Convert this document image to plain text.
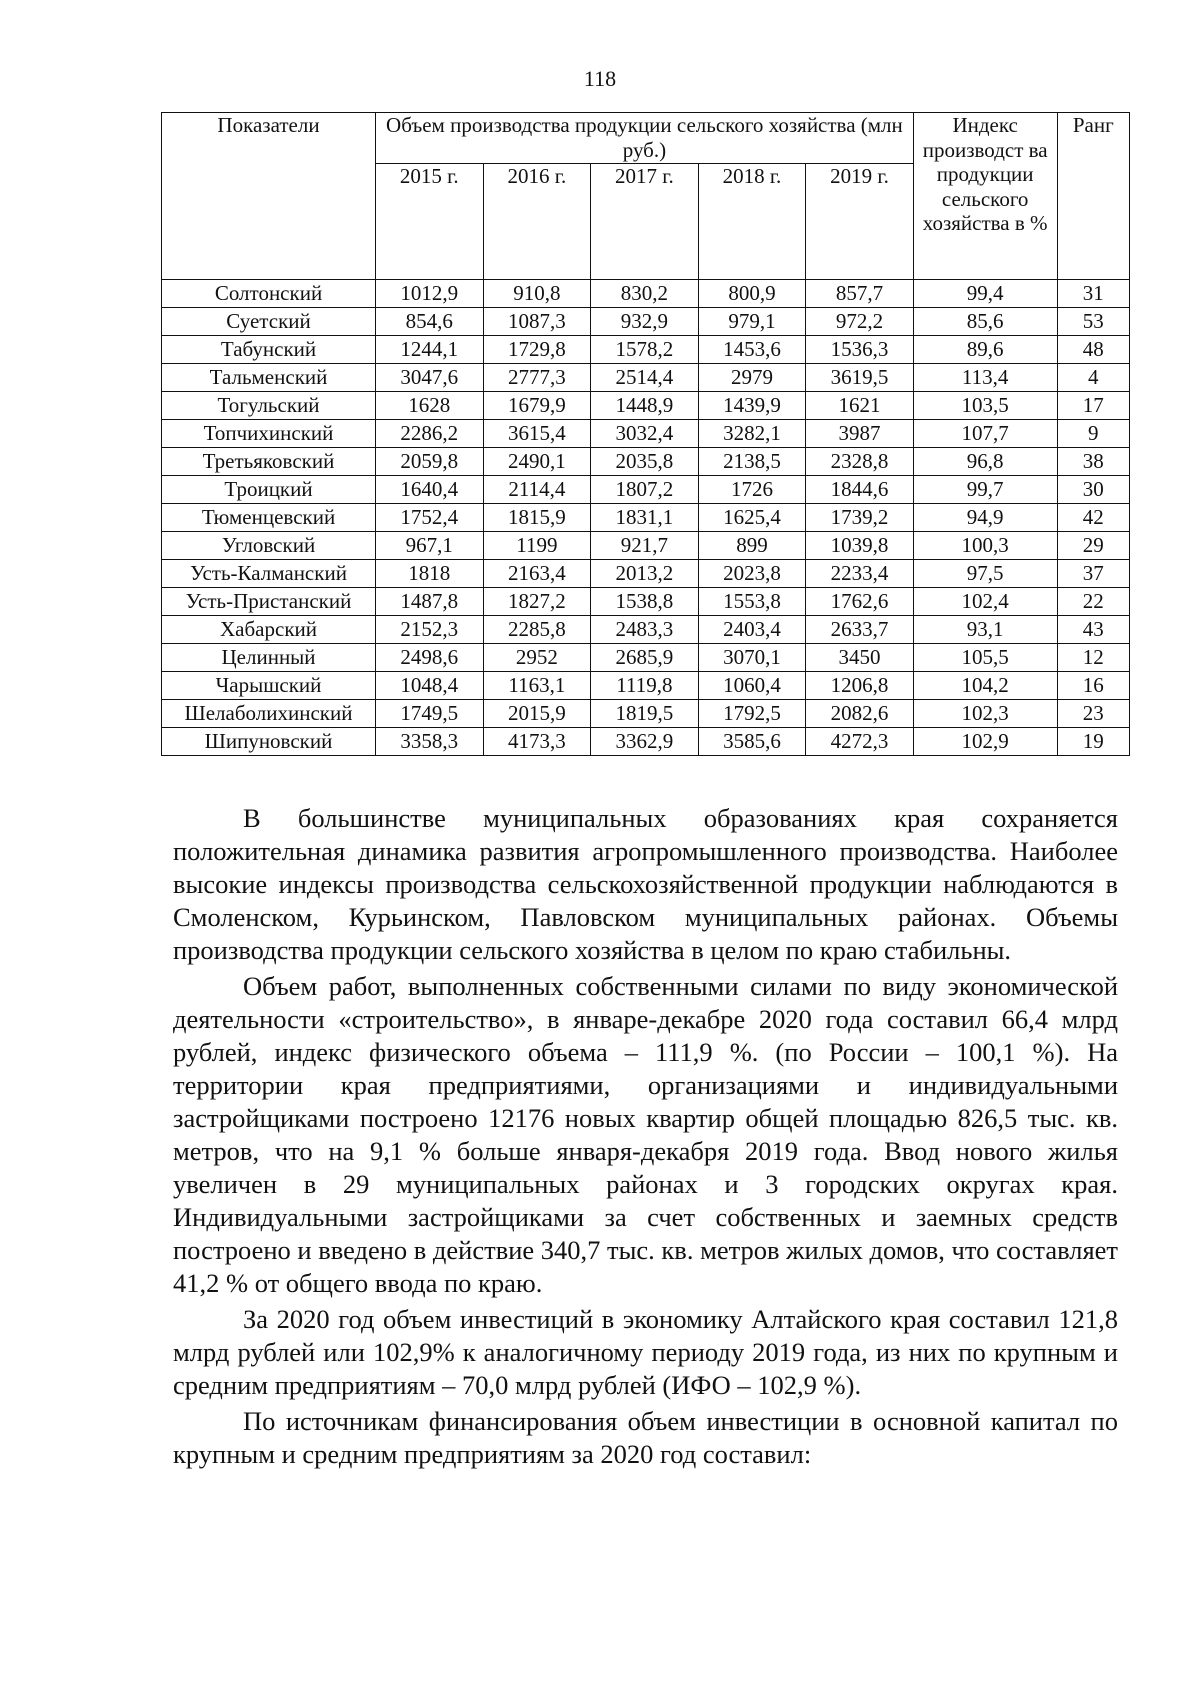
118
Показатели	Объем производства продукции сельского хозяйства (млн руб.)					Индекс производст ва продукции сельского хозяйства в %	Ранг
	2015 г.	2016 г.	2017 г.	2018 г.	2019 г.		
Солтонский	1012,9	910,8	830,2	800,9	857,7	99,4	31
Суетский	854,6	1087,3	932,9	979,1	972,2	85,6	53
Табунский	1244,1	1729,8	1578,2	1453,6	1536,3	89,6	48
Тальменский	3047,6	2777,3	2514,4	2979	3619,5	113,4	4
Тогульский	1628	1679,9	1448,9	1439,9	1621	103,5	17
Топчихинский	2286,2	3615,4	3032,4	3282,1	3987	107,7	9
Третьяковский	2059,8	2490,1	2035,8	2138,5	2328,8	96,8	38
Троицкий	1640,4	2114,4	1807,2	1726	1844,6	99,7	30
Тюменцевский	1752,4	1815,9	1831,1	1625,4	1739,2	94,9	42
Угловский	967,1	1199	921,7	899	1039,8	100,3	29
Усть-Калманский	1818	2163,4	2013,2	2023,8	2233,4	97,5	37
Усть-Пристанский	1487,8	1827,2	1538,8	1553,8	1762,6	102,4	22
Хабарский	2152,3	2285,8	2483,3	2403,4	2633,7	93,1	43
Целинный	2498,6	2952	2685,9	3070,1	3450	105,5	12
Чарышский	1048,4	1163,1	1119,8	1060,4	1206,8	104,2	16
Шелаболихинский	1749,5	2015,9	1819,5	1792,5	2082,6	102,3	23
Шипуновский	3358,3	4173,3	3362,9	3585,6	4272,3	102,9	19

В большинстве муниципальных образованиях края сохраняется положительная динамика развития агропромышленного производства. Наиболее высокие индексы производства сельскохозяйственной продукции наблюдаются в Смоленском, Курьинском, Павловском муниципальных районах. Объемы производства продукции сельского хозяйства в целом по краю стабильны.

Объем работ, выполненных собственными силами по виду экономической деятельности «строительство», в январе-декабре 2020 года составил 66,4 млрд рублей, индекс физического объема – 111,9 %. (по России – 100,1 %). На территории края предприятиями, организациями и индивидуальными застройщиками построено 12176 новых квартир общей площадью 826,5 тыс. кв. метров, что на 9,1 % больше января-декабря 2019 года. Ввод нового жилья увеличен в 29 муниципальных районах и 3 городских округах края. Индивидуальными застройщиками за счет собственных и заемных средств построено и введено в действие 340,7 тыс. кв. метров жилых домов, что составляет 41,2 % от общего ввода по краю.

За 2020 год объем инвестиций в экономику Алтайского края составил 121,8 млрд рублей или 102,9% к аналогичному периоду 2019 года, из них по крупным и средним предприятиям – 70,0 млрд рублей (ИФО – 102,9 %).

По источникам финансирования объем инвестиции в основной капитал по крупным и средним предприятиям за 2020 год составил:
